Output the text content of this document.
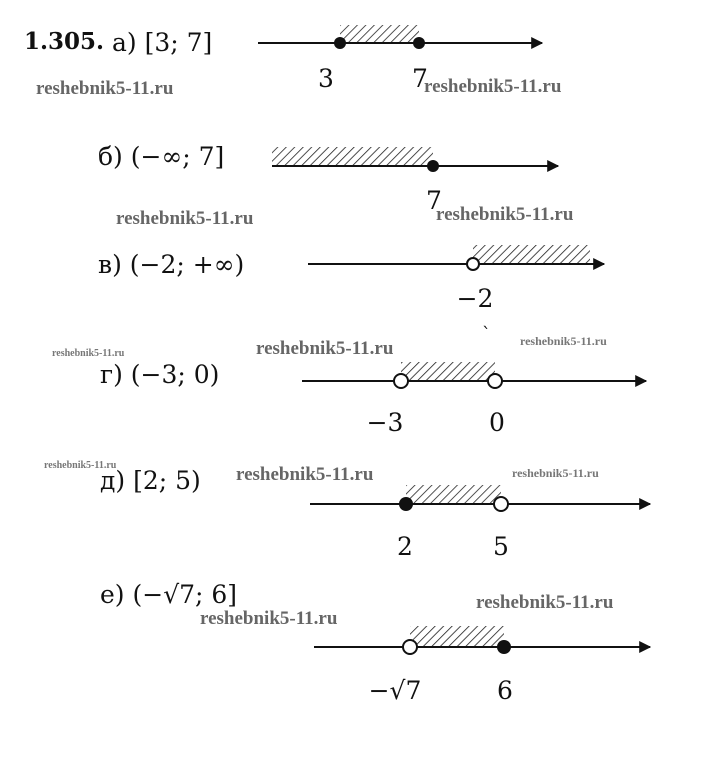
1.305. а) [3; 7]
б) (−∞; 7]
в) (−2; +∞)
г) (−3; 0)
д) [2; 5)
е) (−√7; 6]
3	7
7
−2
−3	0
2	5
−√7	6
`
reshebnik5-11.ru	reshebnik5-11.ru
reshebnik5-11.ru	reshebnik5-11.ru
reshebnik5-11.ru	reshebnik5-11.ru
reshebnik5-11.ru
reshebnik5-11.ru	reshebnik5-11.ru	reshebnik5-11.ru
reshebnik5-11.ru
reshebnik5-11.ru
